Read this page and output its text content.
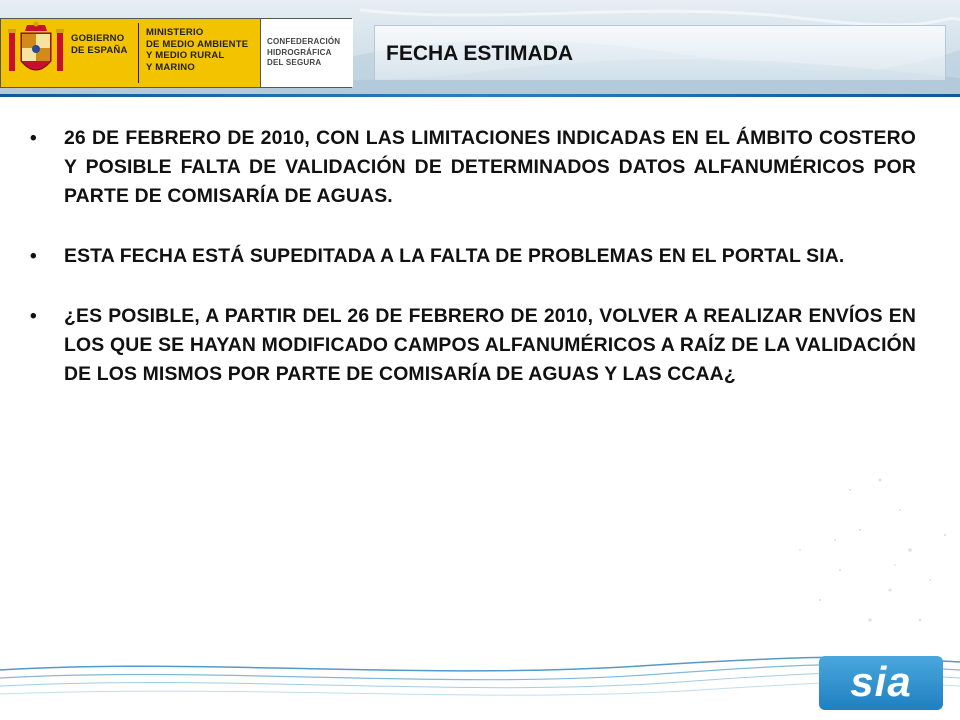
GOBIERNO
DE ESPAÑA
MINISTERIO
DE MEDIO AMBIENTE
Y MEDIO RURAL
Y MARINO
CONFEDERACIÓN
HIDROGRÁFICA
DEL SEGURA	FECHA ESTIMADA
• 26 DE FEBRERO DE 2010, CON LAS LIMITACIONES INDICADAS EN EL ÁMBITO COSTERO Y POSIBLE FALTA DE VALIDACIÓN DE DETERMINADOS DATOS ALFANUMÉRICOS POR PARTE DE COMISARÍA DE AGUAS.
• ESTA FECHA ESTÁ SUPEDITADA A LA FALTA DE PROBLEMAS EN EL PORTAL SIA.
• ¿ES POSIBLE, A PARTIR DEL 26 DE FEBRERO DE 2010, VOLVER A REALIZAR ENVÍOS EN LOS QUE SE HAYAN MODIFICADO CAMPOS ALFANUMÉRICOS A RAÍZ DE LA VALIDACIÓN DE LOS MISMOS POR PARTE DE COMISARÍA DE AGUAS Y LAS CCAA¿
sia
